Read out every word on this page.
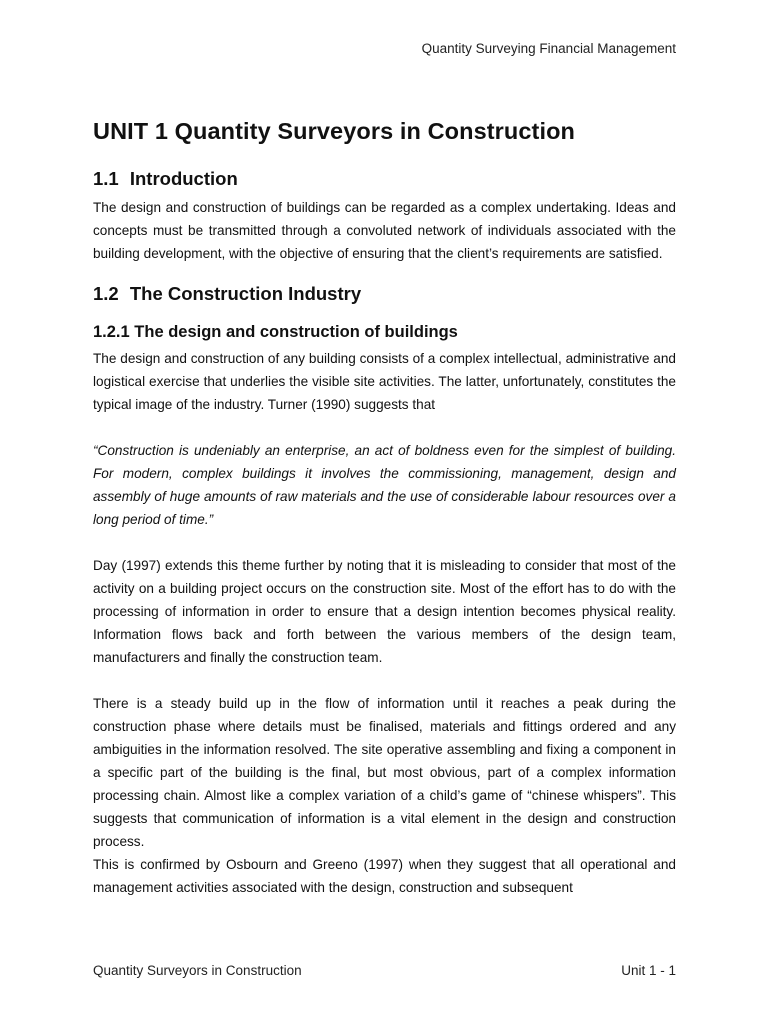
Quantity Surveying Financial Management
UNIT 1 Quantity Surveyors in Construction
1.1 Introduction

The design and construction of buildings can be regarded as a complex undertaking. Ideas and concepts must be transmitted through a convoluted network of individuals associated with the building development, with the objective of ensuring that the client’s requirements are satisfied.

1.2 The Construction Industry
1.2.1 The design and construction of buildings

The design and construction of any building consists of a complex intellectual, administrative and logistical exercise that underlies the visible site activities. The latter, unfortunately, constitutes the typical image of the industry. Turner (1990) suggests that

“Construction is undeniably an enterprise, an act of boldness even for the simplest of building. For modern, complex buildings it involves the commissioning, management, design and assembly of huge amounts of raw materials and the use of considerable labour resources over a long period of time.”

Day (1997) extends this theme further by noting that it is misleading to consider that most of the activity on a building project occurs on the construction site. Most of the effort has to do with the processing of information in order to ensure that a design intention becomes physical reality. Information flows back and forth between the various members of the design team, manufacturers and finally the construction team.

There is a steady build up in the flow of information until it reaches a peak during the construction phase where details must be finalised, materials and fittings ordered and any ambiguities in the information resolved. The site operative assembling and fixing a component in a specific part of the building is the final, but most obvious, part of a complex information processing chain. Almost like a complex variation of a child’s game of “chinese whispers”. This suggests that communication of information is a vital element in the design and construction process.

This is confirmed by Osbourn and Greeno (1997) when they suggest that all operational and management activities associated with the design, construction and subsequent

Quantity Surveyors in Construction	Unit 1 - 1
